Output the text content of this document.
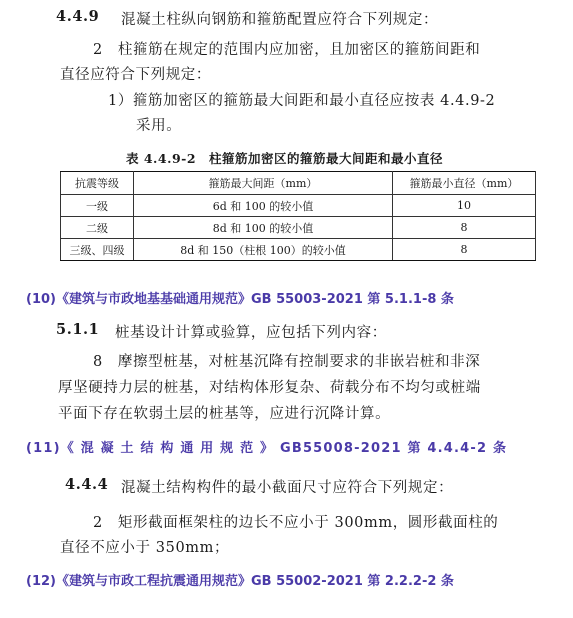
4.4.9 混凝土柱纵向钢筋和箍筋配置应符合下列规定：
2　柱箍筋在规定的范围内应加密，且加密区的箍筋间距和
直径应符合下列规定：
1）箍筋加密区的箍筋最大间距和最小直径应按表 4.4.9-2
采用。
表 4.4.9-2　柱箍筋加密区的箍筋最大间距和最小直径
抗震等级	箍筋最大间距（mm）	箍筋最小直径（mm）
一级	6d 和 100 的较小值	10
二级	8d 和 100 的较小值	8
三级、四级	8d 和 150（柱根 100）的较小值	8
(10)《建筑与市政地基基础通用规范》GB 55003-2021 第 5.1.1-8 条
5.1.1 桩基设计计算或验算，应包括下列内容：
8　摩擦型桩基，对桩基沉降有控制要求的非嵌岩桩和非深
厚坚硬持力层的桩基，对结构体形复杂、荷载分布不均匀或桩端
平面下存在软弱土层的桩基等，应进行沉降计算。
(11)《 混 凝 土 结 构 通 用 规 范 》 GB55008-2021 第 4.4.4-2 条
4.4.4 混凝土结构构件的最小截面尺寸应符合下列规定：
2　矩形截面框架柱的边长不应小于 300mm，圆形截面柱的
直径不应小于 350mm；
(12)《建筑与市政工程抗震通用规范》GB 55002-2021 第 2.2.2-2 条
